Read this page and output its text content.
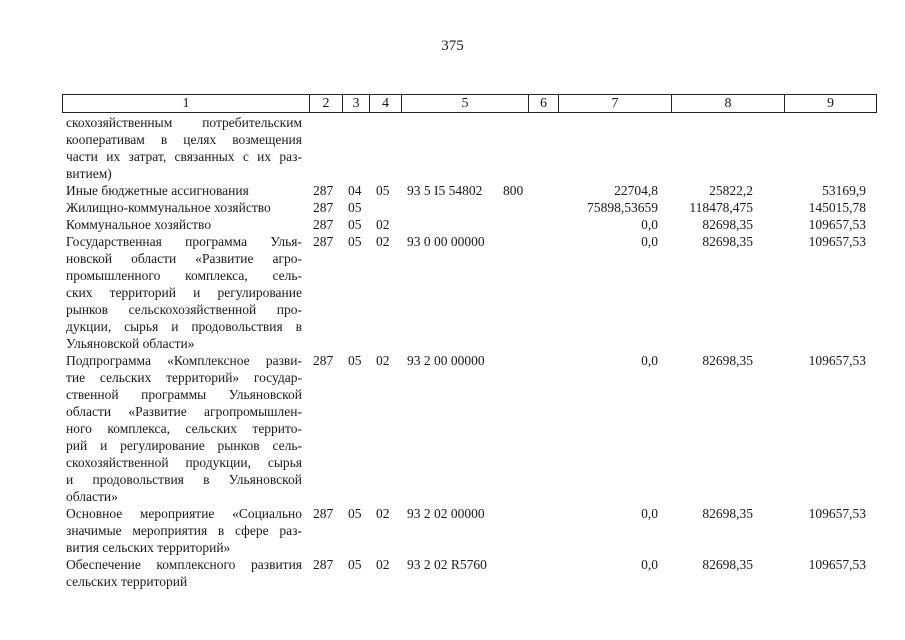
375
1	2	3	4	5	6	7	8	9
скохозяйственным потребительским
кооперативам в целях возмещения
части их затрат, связанных с их раз-
витием)
Иные бюджетные ассигнования	287 04 05 93 5 I5 54802 800	22704,8	25822,2	53169,9
Жилищно-коммунальное хозяйство	287 05	75898,53659	118478,475	145015,78
Коммунальное хозяйство	287 05 02	0,0	82698,35	109657,53
Государственная программа Улья-
новской области «Развитие агро-
промышленного комплекса, сель-
ских территорий и регулирование
рынков сельскохозяйственной про-
дукции, сырья и продовольствия в
Ульяновской области»
287 05 02 93 0 00 00000	0,0	82698,35	109657,53
Подпрограмма «Комплексное разви-
тие сельских территорий» государ-
ственной программы Ульяновской
области «Развитие агропромышлен-
ного комплекса, сельских террито-
рий и регулирование рынков сель-
скохозяйственной продукции, сырья
и продовольствия в Ульяновской
области»
287 05 02 93 2 00 00000	0,0	82698,35	109657,53
Основное мероприятие «Социально
значимые мероприятия в сфере раз-
вития сельских территорий»
287 05 02 93 2 02 00000	0,0	82698,35	109657,53
Обеспечение комплексного развития
сельских территорий
287 05 02 93 2 02 R5760	0,0	82698,35	109657,53
